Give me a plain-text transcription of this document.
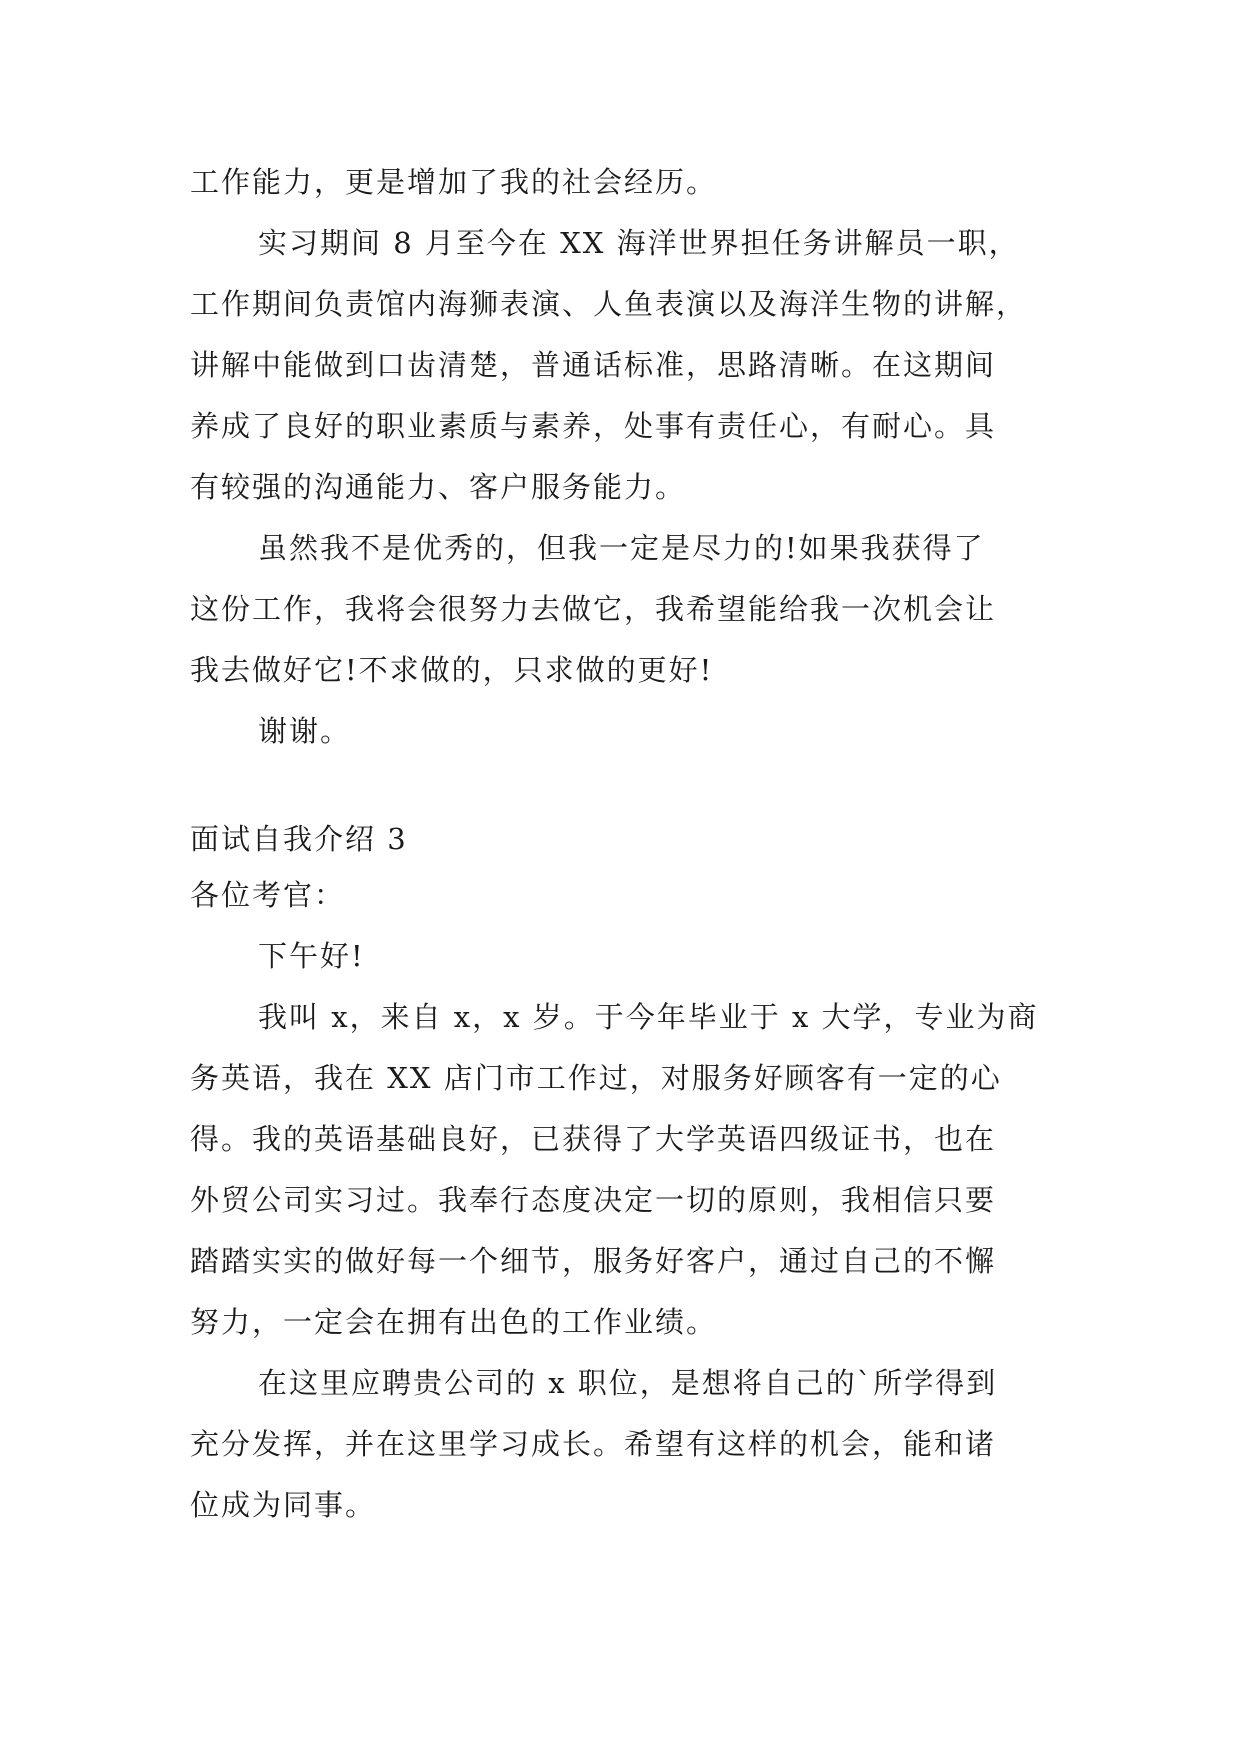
工作能力，更是增加了我的社会经历。
实习期间 8 月至今在 XX 海洋世界担任务讲解员一职，
工作期间负责馆内海狮表演、人鱼表演以及海洋生物的讲解，
讲解中能做到口齿清楚，普通话标准，思路清晰。在这期间
养成了良好的职业素质与素养，处事有责任心，有耐心。具
有较强的沟通能力、客户服务能力。
虽然我不是优秀的，但我一定是尽力的!如果我获得了
这份工作，我将会很努力去做它，我希望能给我一次机会让
我去做好它!不求做的，只求做的更好!
谢谢。
面试自我介绍 3
各位考官：
下午好!
我叫 x，来自 x，x 岁。于今年毕业于 x 大学，专业为商
务英语，我在 XX 店门市工作过，对服务好顾客有一定的心
得。我的英语基础良好，已获得了大学英语四级证书，也在
外贸公司实习过。我奉行态度决定一切的原则，我相信只要
踏踏实实的做好每一个细节，服务好客户，通过自己的不懈
努力，一定会在拥有出色的工作业绩。
在这里应聘贵公司的 x 职位，是想将自己的`所学得到
充分发挥，并在这里学习成长。希望有这样的机会，能和诸
位成为同事。
